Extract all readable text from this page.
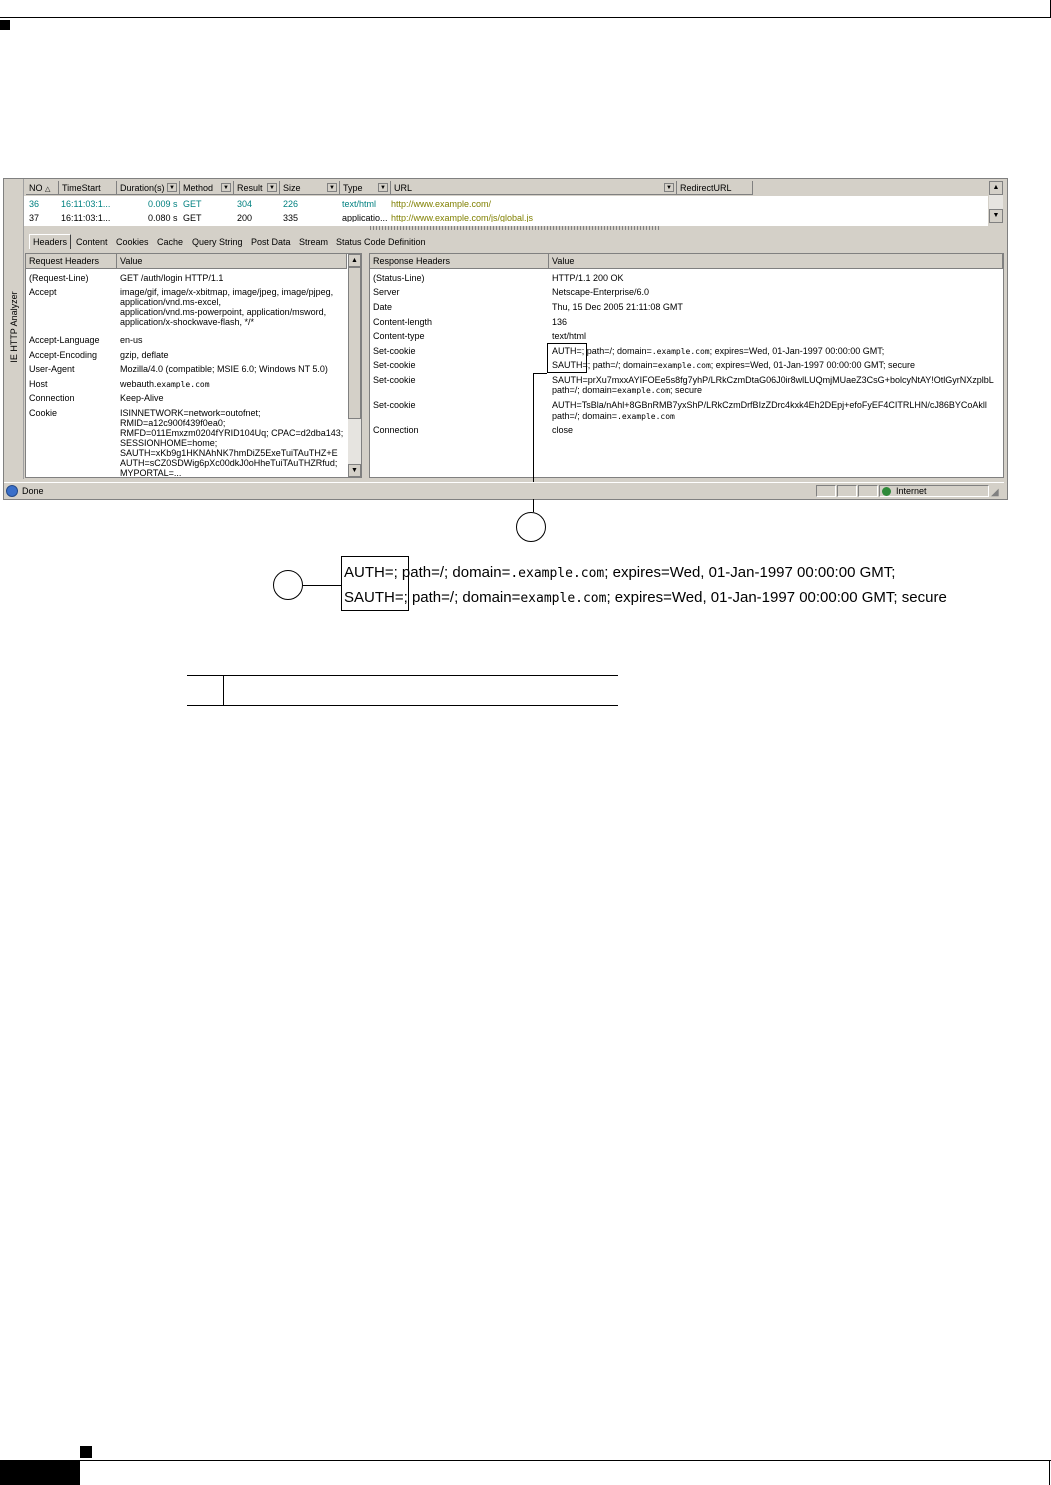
IE HTTP Analyzer
NO △	TimeStart	Duration(s) ▼ Method	▼ Result	▼ Size	▼ Type	▼ URL	▼ RedirectURL	▲
▼
36 16:11:03:1...	0.009 s GET	304	226	text/html http://www.example.com/
37 16:11:03:1...	0.080 s GET	200	335	applicatio... http://www.example.com/js/global.js
Headers Content Cookies Cache Query String Post Data Stream Status Code Definition
Request Headers	Value
(Request-Line)	GET /auth/login HTTP/1.1
Accept	image/gif, image/x-xbitmap, image/jpeg, image/pjpeg,
application/vnd.ms-excel,
application/vnd.ms-powerpoint, application/msword,
application/x-shockwave-flash, */*
Accept-Language en-us
Accept-Encoding	gzip, deflate
User-Agent	Mozilla/4.0 (compatible; MSIE 6.0; Windows NT 5.0)
Host	webauth.example.com
Connection	Keep-Alive
Cookie	ISINNETWORK=network=outofnet;
RMID=a12c900f439f0ea0;
RMFD=011Emxzm0204fYRID104Uq; CPAC=d2dba143;
SESSIONHOME=home;
SAUTH=xKb9g1HKNAhNK7hmDiZ5ExeTuiTAuTHZ+E
AUTH=sCZ0SDWig6pXc00dkJ0oHheTuiTAuTHZRfud;
MYPORTAL=...
▲
▼
Response Headers	Value
(Status-Line)	HTTP/1.1 200 OK
Server	Netscape-Enterprise/6.0
Date	Thu, 15 Dec 2005 21:11:08 GMT
Content-length	136
Content-type	text/html
Set-cookie	AUTH=; path=/; domain=.example.com; expires=Wed, 01-Jan-1997 00:00:00 GMT;
Set-cookie	SAUTH=; path=/; domain=example.com; expires=Wed, 01-Jan-1997 00:00:00 GMT; secure
Set-cookie	SAUTH=prXu7mxxAYIFOEe5s8fg7yhP/LRkCzmDtaG06J0ir8wlLUQmjMUaeZ3CsG+bolcyNtAY!OtlGyrNXzplbL
path=/; domain=example.com; secure
Set-cookie	AUTH=TsBla/nAhl+8GBnRMB7yxShP/LRkCzmDrfBIzZDrc4kxk4Eh2DEpj+efoFyEF4CITRLHN/cJ86BYCoAkll
path=/; domain=.example.com
Connection	close
Done	Internet	◢
AUTH=; path=/; domain=.example.com; expires=Wed, 01-Jan-1997 00:00:00 GMT;
SAUTH=; path=/; domain=example.com; expires=Wed, 01-Jan-1997 00:00:00 GMT; secure
